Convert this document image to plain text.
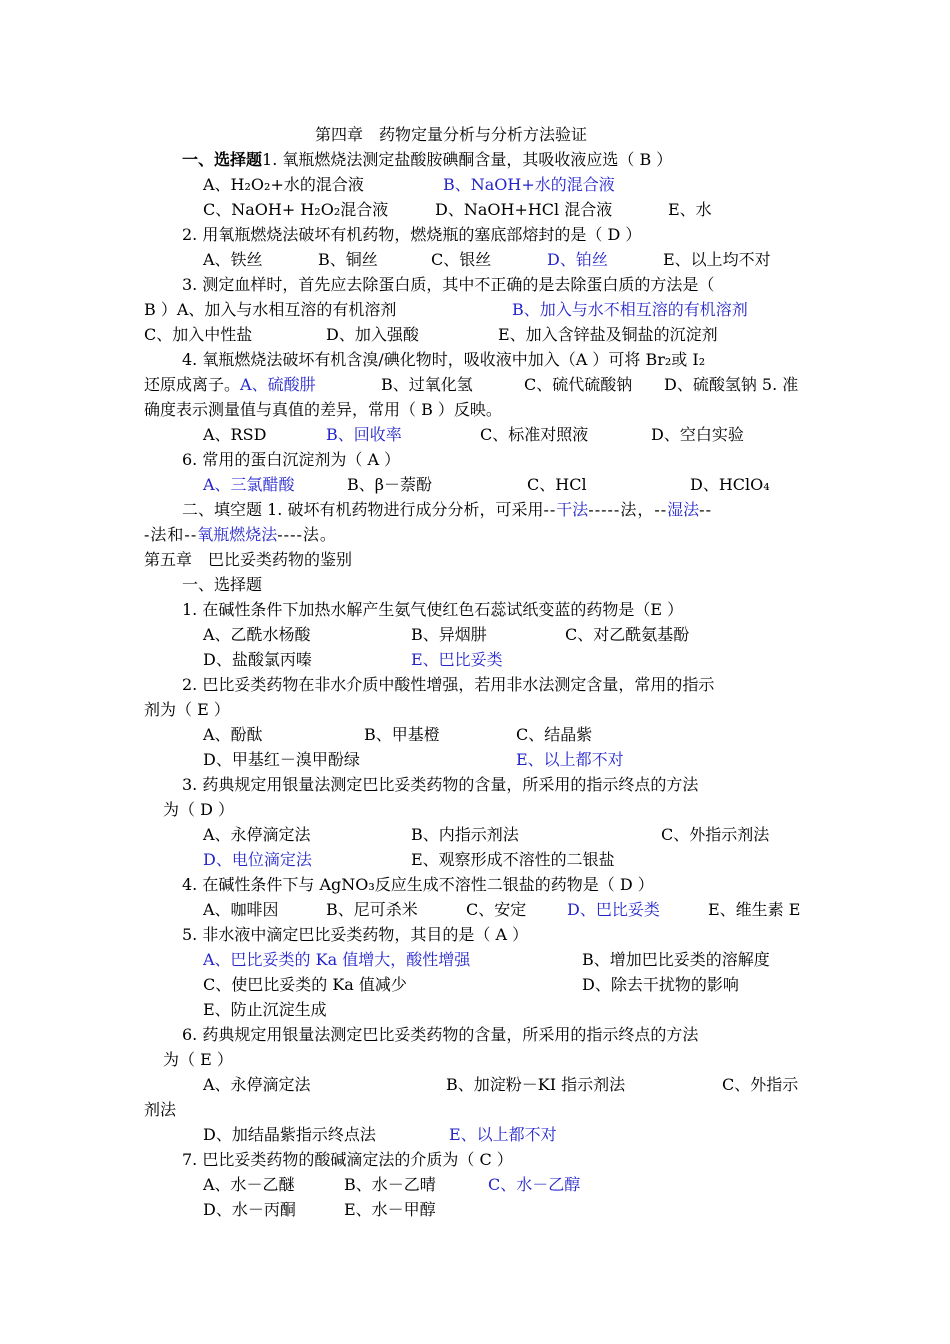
第四章　药物定量分析与分析方法验证
一、选择题1. 氧瓶燃烧法测定盐酸胺碘酮含量，其吸收液应选（ B ）
A、H₂O₂+水的混合液	B、NaOH+水的混合液
C、NaOH+ H₂O₂混合液	D、NaOH+HCl 混合液	E、水
2. 用氧瓶燃烧法破坏有机药物，燃烧瓶的塞底部熔封的是（ D ）
A、铁丝	B、铜丝	C、银丝	D、铂丝	E、以上均不对
3. 测定血样时，首先应去除蛋白质，其中不正确的是去除蛋白质的方法是（
B ）A、加入与水相互溶的有机溶剂	B、加入与水不相互溶的有机溶剂
C、加入中性盐	D、加入强酸	E、加入含锌盐及铜盐的沉淀剂
4. 氧瓶燃烧法破坏有机含溴/碘化物时，吸收液中加入（A ）可将 Br₂或 I₂
还原成离子。A、硫酸肼	B、过氧化氢	C、硫代硫酸钠 D、硫酸氢钠 5. 准
确度表示测量值与真值的差异，常用（ B ）反映。
A、RSD	B、回收率	C、标准对照液	D、空白实验
6. 常用的蛋白沉淀剂为（ A ）
A、三氯醋酸	B、β－萘酚	C、HCl	D、HClO₄
二、填空题 1. 破坏有机药物进行成分分析，可采用--干法-----法，--湿法--
-法和--氧瓶燃烧法----法。
第五章　巴比妥类药物的鉴别
一、选择题
1. 在碱性条件下加热水解产生氨气使红色石蕊试纸变蓝的药物是（E ）
A、乙酰水杨酸	B、异烟肼	C、对乙酰氨基酚
D、盐酸氯丙嗪	E、巴比妥类
2. 巴比妥类药物在非水介质中酸性增强，若用非水法测定含量，常用的指示
剂为（ E ）
A、酚酞	B、甲基橙	C、结晶紫
D、甲基红－溴甲酚绿	E、以上都不对
3. 药典规定用银量法测定巴比妥类药物的含量，所采用的指示终点的方法
为（ D ）
A、永停滴定法	B、内指示剂法	C、外指示剂法
D、电位滴定法	E、观察形成不溶性的二银盐
4. 在碱性条件下与 AgNO₃反应生成不溶性二银盐的药物是（ D ）
A、咖啡因	B、尼可杀米	C、安定	D、巴比妥类	E、维生素 E
5. 非水液中滴定巴比妥类药物，其目的是（ A ）
A、巴比妥类的 Ka 值增大，酸性增强	B、增加巴比妥类的溶解度
C、使巴比妥类的 Ka 值减少	D、除去干扰物的影响
E、防止沉淀生成
6. 药典规定用银量法测定巴比妥类药物的含量，所采用的指示终点的方法
为（ E ）
A、永停滴定法	B、加淀粉－KI 指示剂法	C、外指示
剂法
D、加结晶紫指示终点法	E、以上都不对
7. 巴比妥类药物的酸碱滴定法的介质为（ C ）
A、水－乙醚	B、水－乙晴	C、水－乙醇
D、水－丙酮	E、水－甲醇
